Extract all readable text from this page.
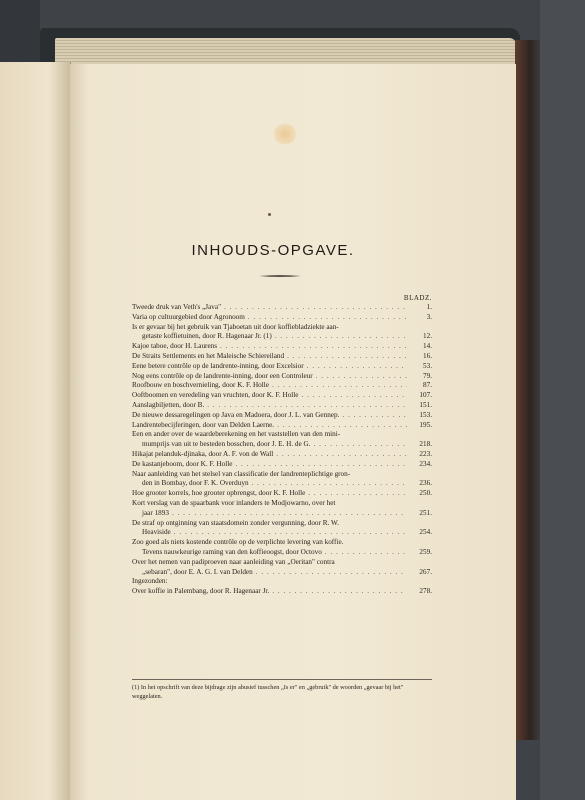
INHOUDS-OPGAVE.
BLADZ.
Tweede druk van Veth's „Java" . . .	1.
Varia op cultuurgebied door Agronoom . . .	3.
Is er gevaar bij het gebruik van Tjaboetan uit door koffiebladziekte aan-
getaste koffietuinen, door R. Hagenaar Jr. (1) . . .	12.
Kajoe taboe, door H. Laurens . . .	14.
De Straits Settlements en het Maleische Schiereiland . . .	16.
Eene betere contrôle op de landrente-inning, door Excelsior . . .	53.
Nog eens contrôle op de landrente-inning, door een Controleur . . .	79.
Roofbouw en boschvernieling, door K. F. Holle . . .	87.
Ooftboomen en veredeling van vruchten, door K. F. Holle . . .	107.
Aanslagbiljetten, door B. . . .	151.
De nieuwe dessaregelingen op Java en Madoera, door J. L. van Gennep. . . .	153.
Landrentebecijferingen, door van Delden Laerne. . . .	195.
Een en ander over de waardeberekening en het vaststellen van den mini-
mumprijs van uit te besteden bosschen, door J. E. H. de G. . . .	218.
Hikajat pelanduk-djinaka, door A. F. von de Wall . . .	223.
De kastanjeboom, door K. F. Holle . . .	234.
Naar aanleiding van het stelsel van classificatie der landrenteplichtige gron-
den in Bombay, door F. K. Overduyn . . .	236.
Hoe grooter korrels, hoe grooter opbrengst, door K. F. Holle . . .	250.
Kort verslag van de spaarbank voor inlanders te Modjowarno, over het
jaar 1893 . . .	251.
De straf op ontginning van staatsdomein zonder vergunning, door R. W.
Heaviside . . .	254.
Zoo goed als niets kostende contrôle op de verplichte levering van koffie.
Tevens nauwkeurige raming van den koffieoogst, door Octovo . . .	259.
Over het nemen van padiproeven naar aanleiding van „Oeritan" contra
„sebaran", door E. A. G. I. van Delden . . .	267.
Ingezonden:
Over koffie in Palembang, door R. Hagenaar Jr. . . .	278.
(1) In het opschrift van deze bijdrage zijn abusief tusschen „Is er" en „gebruik" de woorden „gevaar bij het" weggelaten.
